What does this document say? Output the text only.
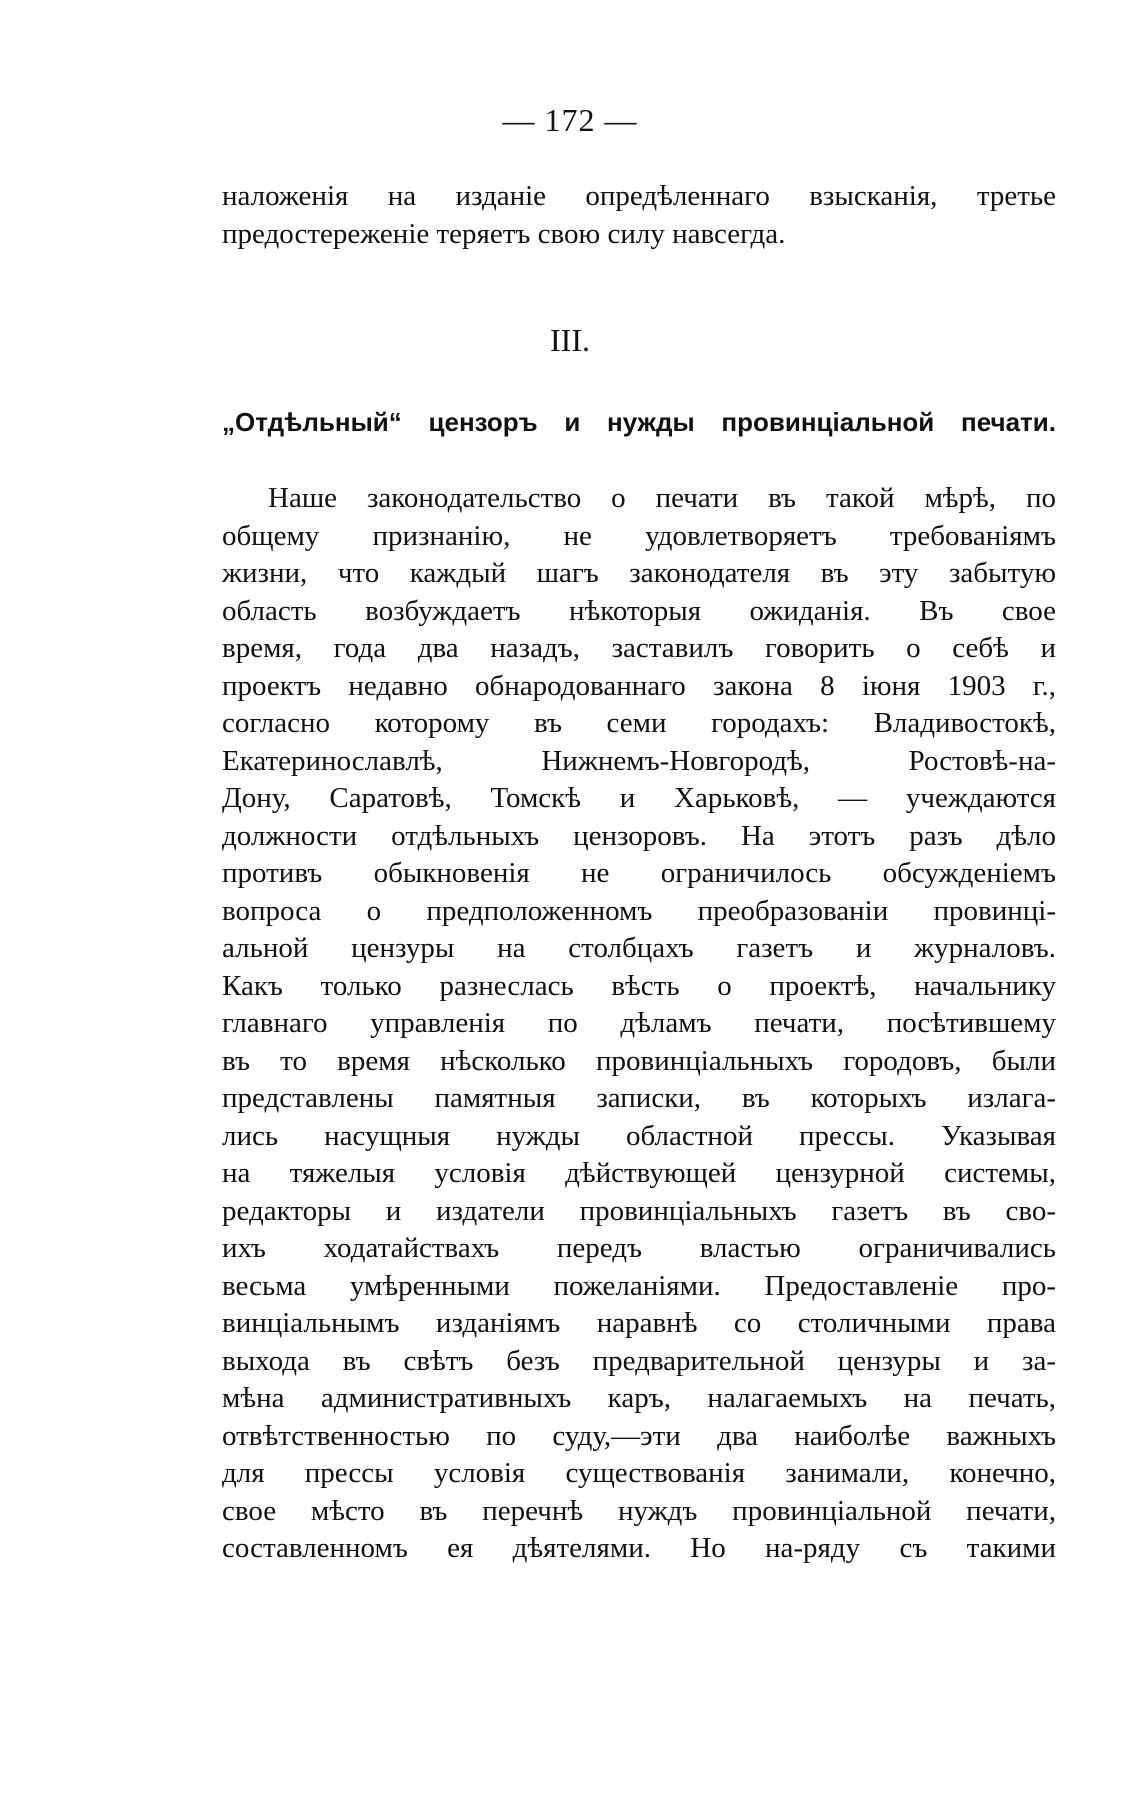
— 172 —
наложенія на изданіе опредѣленнаго взысканія, третье
предостереженіе теряетъ свою силу навсегда.
III.
„Отдѣльный“ цензоръ и нужды провинціальной печати.
Наше законодательство о печати въ такой мѣрѣ, по
общему признанію, не удовлетворяетъ требованіямъ
жизни, что каждый шагъ законодателя въ эту забытую
область возбуждаетъ нѣкоторыя ожиданія. Въ свое
время, года два назадъ, заставилъ говорить о себѣ и
проектъ недавно обнародованнаго закона 8 іюня 1903 г.,
согласно которому въ семи городахъ: Владивостокѣ,
Екатеринославлѣ, Нижнемъ-Новгородѣ, Ростовѣ-на-
Дону, Саратовѣ, Томскѣ и Харьковѣ, — учеждаются
должности отдѣльныхъ цензоровъ. На этотъ разъ дѣло
противъ обыкновенія не ограничилось обсужденіемъ
вопроса о предположенномъ преобразованіи провинці-
альной цензуры на столбцахъ газетъ и журналовъ.
Какъ только разнеслась вѣсть о проектѣ, начальнику
главнаго управленія по дѣламъ печати, посѣтившему
въ то время нѣсколько провинціальныхъ городовъ, были
представлены памятныя записки, въ которыхъ излага-
лись насущныя нужды областной прессы. Указывая
на тяжелыя условія дѣйствующей цензурной системы,
редакторы и издатели провинціальныхъ газетъ въ сво-
ихъ ходатайствахъ передъ властью ограничивались
весьма умѣренными пожеланіями. Предоставленіе про-
винціальнымъ изданіямъ наравнѣ со столичными права
выхода въ свѣтъ безъ предварительной цензуры и за-
мѣна административныхъ каръ, налагаемыхъ на печать,
отвѣтственностью по суду,—эти два наиболѣе важныхъ
для прессы условія существованія занимали, конечно,
свое мѣсто въ перечнѣ нуждъ провинціальной печати,
составленномъ ея дѣятелями. Но на-ряду съ такими
